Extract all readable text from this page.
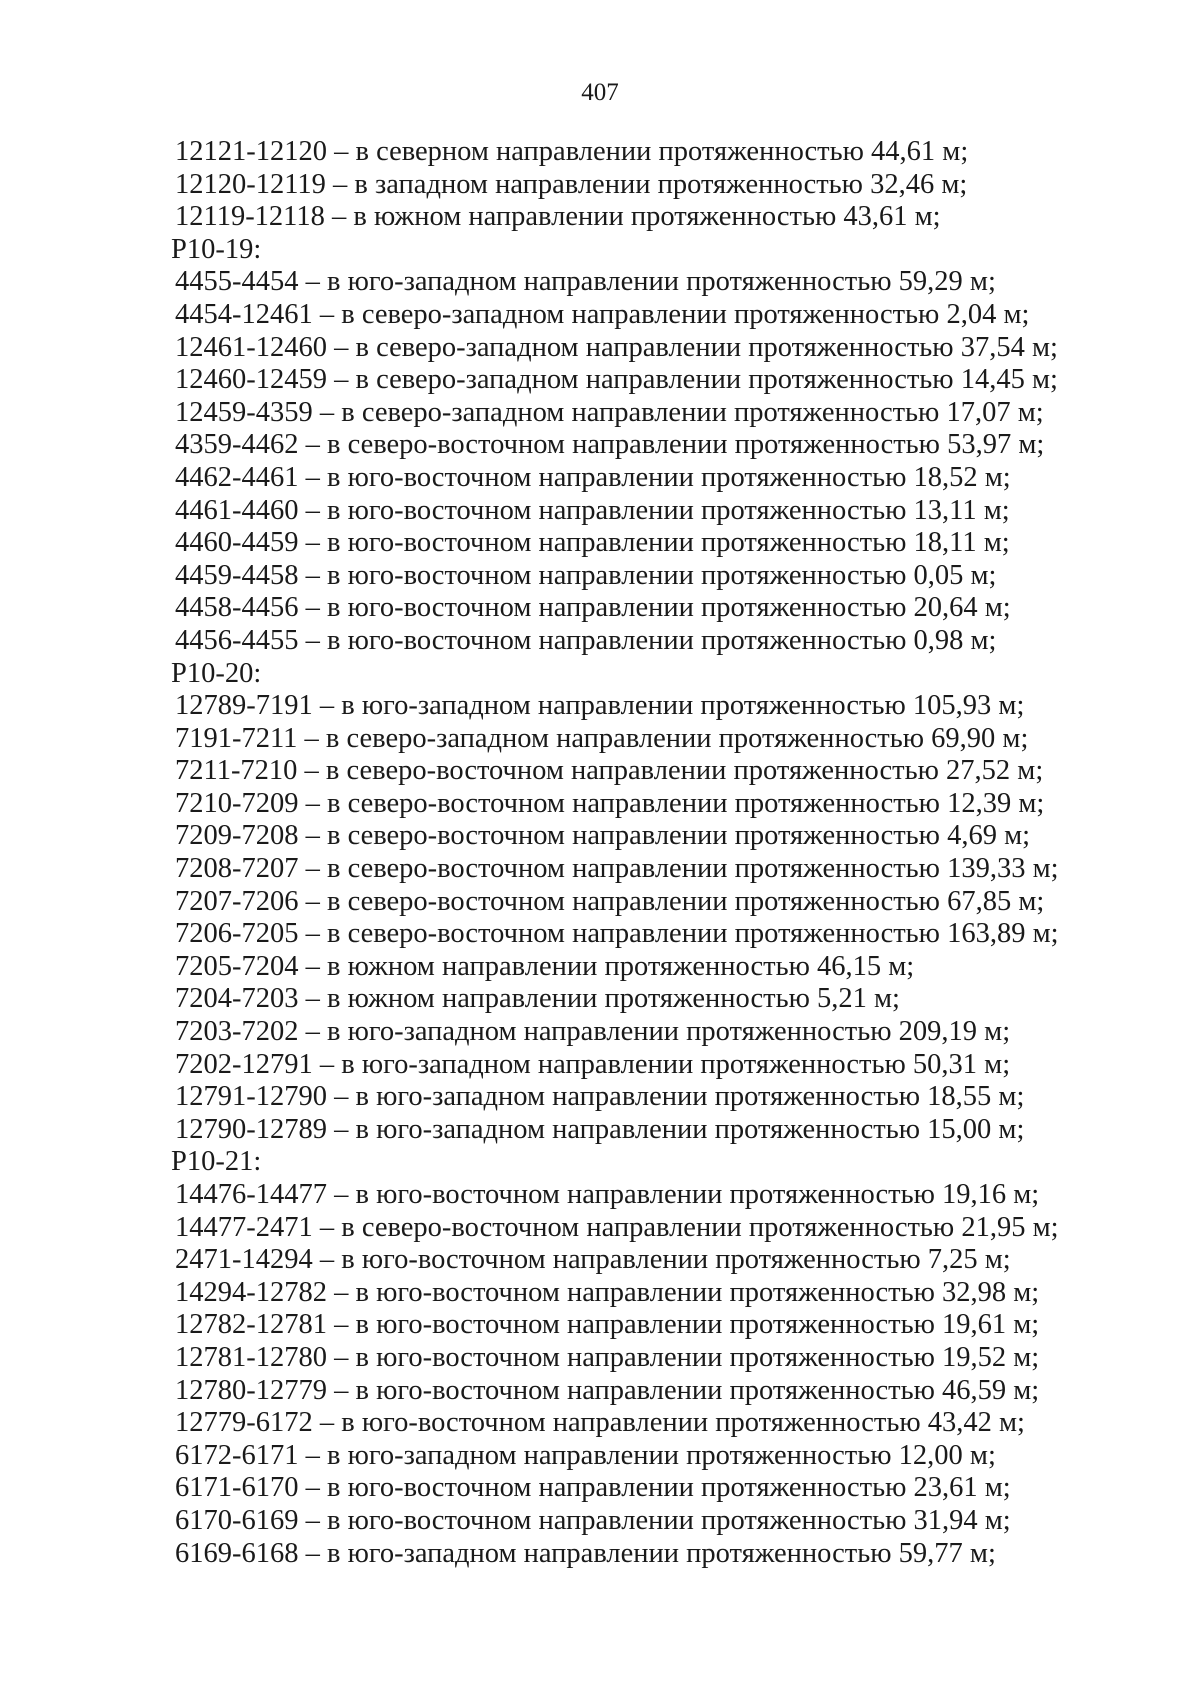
407
12121-12120 – в северном направлении протяженностью 44,61 м;
12120-12119 – в западном направлении протяженностью 32,46 м;
12119-12118 – в южном направлении протяженностью 43,61 м;
Р10-19:
4455-4454 – в юго-западном направлении протяженностью 59,29 м;
4454-12461 – в северо-западном направлении протяженностью 2,04 м;
12461-12460 – в северо-западном направлении протяженностью 37,54 м;
12460-12459 – в северо-западном направлении протяженностью 14,45 м;
12459-4359 – в северо-западном направлении протяженностью 17,07 м;
4359-4462 – в северо-восточном направлении протяженностью 53,97 м;
4462-4461 – в юго-восточном направлении протяженностью 18,52 м;
4461-4460 – в юго-восточном направлении протяженностью 13,11 м;
4460-4459 – в юго-восточном направлении протяженностью 18,11 м;
4459-4458 – в юго-восточном направлении протяженностью 0,05 м;
4458-4456 – в юго-восточном направлении протяженностью 20,64 м;
4456-4455 – в юго-восточном направлении протяженностью 0,98 м;
Р10-20:
12789-7191 – в юго-западном направлении протяженностью 105,93 м;
7191-7211 – в северо-западном направлении протяженностью 69,90 м;
7211-7210 – в северо-восточном направлении протяженностью 27,52 м;
7210-7209 – в северо-восточном направлении протяженностью 12,39 м;
7209-7208 – в северо-восточном направлении протяженностью 4,69 м;
7208-7207 – в северо-восточном направлении протяженностью 139,33 м;
7207-7206 – в северо-восточном направлении протяженностью 67,85 м;
7206-7205 – в северо-восточном направлении протяженностью 163,89 м;
7205-7204 – в южном направлении протяженностью 46,15 м;
7204-7203 – в южном направлении протяженностью 5,21 м;
7203-7202 – в юго-западном направлении протяженностью 209,19 м;
7202-12791 – в юго-западном направлении протяженностью 50,31 м;
12791-12790 – в юго-западном направлении протяженностью 18,55 м;
12790-12789 – в юго-западном направлении протяженностью 15,00 м;
Р10-21:
14476-14477 – в юго-восточном направлении протяженностью 19,16 м;
14477-2471 – в северо-восточном направлении протяженностью 21,95 м;
2471-14294 – в юго-восточном направлении протяженностью 7,25 м;
14294-12782 – в юго-восточном направлении протяженностью 32,98 м;
12782-12781 – в юго-восточном направлении протяженностью 19,61 м;
12781-12780 – в юго-восточном направлении протяженностью 19,52 м;
12780-12779 – в юго-восточном направлении протяженностью 46,59 м;
12779-6172 – в юго-восточном направлении протяженностью 43,42 м;
6172-6171 – в юго-западном направлении протяженностью 12,00 м;
6171-6170 – в юго-восточном направлении протяженностью 23,61 м;
6170-6169 – в юго-восточном направлении протяженностью 31,94 м;
6169-6168 – в юго-западном направлении протяженностью 59,77 м;
